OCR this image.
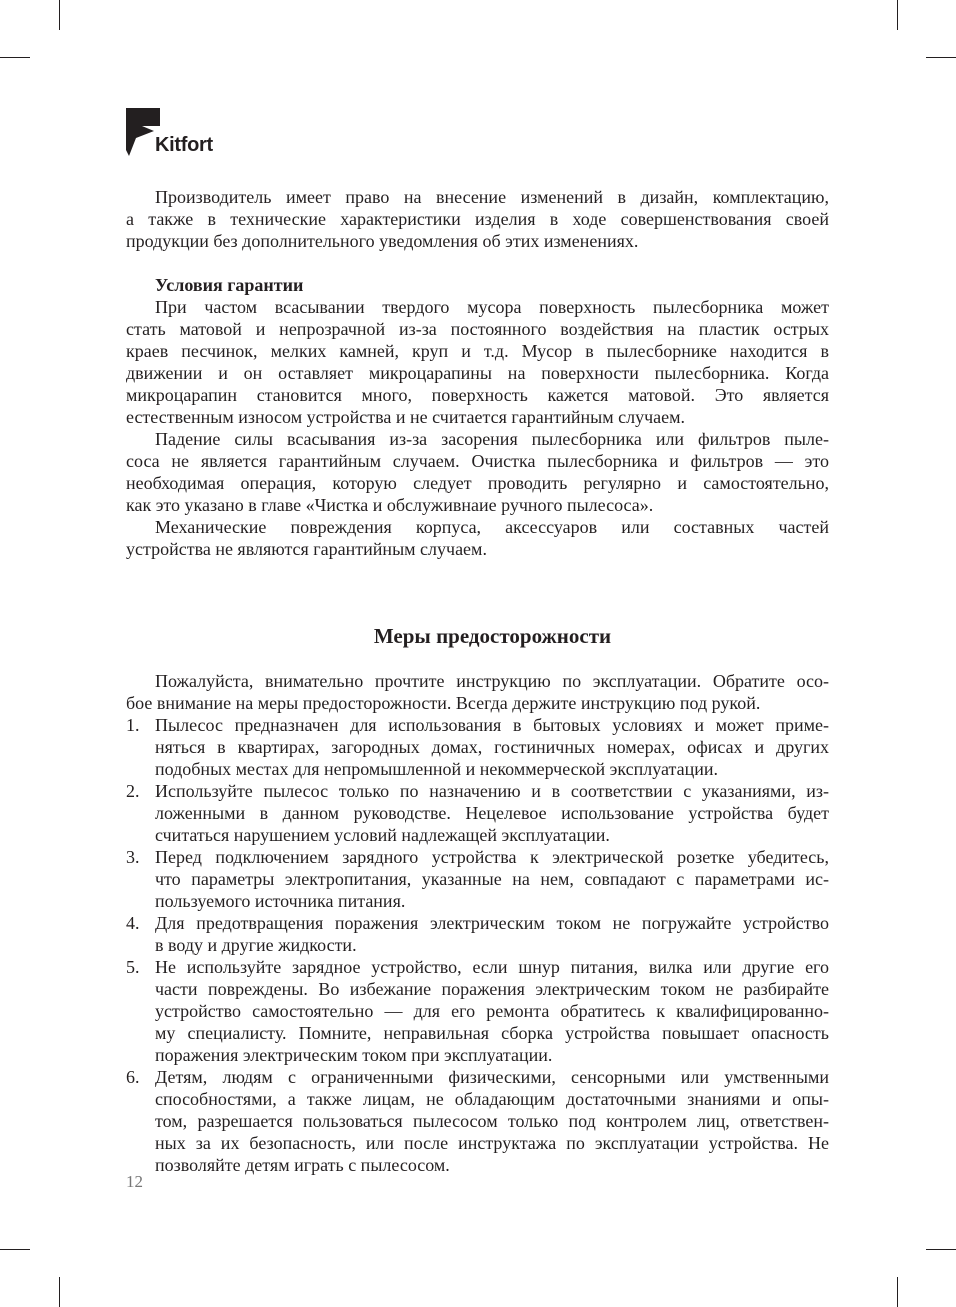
Kitfort
Производитель имеет право на внесение изменений в дизайн, комплектацию,
а также в технические характеристики изделия в ходе совершенствования своей
продукции без дополнительного уведомления об этих изменениях.
Условия гарантии
При частом всасывании твердого мусора поверхность пылесборника может
стать матовой и непрозрачной из-за постоянного воздействия на пластик острых
краев песчинок, мелких камней, круп и т.д. Мусор в пылесборнике находится в
движении и он оставляет микроцарапины на поверхности пылесборника. Когда
микроцарапин становится много, поверхность кажется матовой. Это является
естественным износом устройства и не считается гарантийным случаем.
Падение силы всасывания из-за засорения пылесборника или фильтров пыле-
соса не является гарантийным случаем. Очистка пылесборника и фильтров — это
необходимая операция, которую следует проводить регулярно и самостоятельно,
как это указано в главе «Чистка и обслуживнаие ручного пылесоса».
Механические повреждения корпуса, аксессуаров или составных частей
устройства не являются гарантийным случаем.
Меры предосторожности
Пожалуйста, внимательно прочтите инструкцию по эксплуатации. Обратите осо-
бое внимание на меры предосторожности. Всегда держите инструкцию под рукой.
1. Пылесос предназначен для использования в бытовых условиях и может приме-
няться в квартирах, загородных домах, гостиничных номерах, офисах и других
подобных местах для непромышленной и некоммерческой эксплуатации.
2. Используйте пылесос только по назначению и в соответствии с указаниями, из-
ложенными в данном руководстве. Нецелевое использование устройства будет
считаться нарушением условий надлежащей эксплуатации.
3. Перед подключением зарядного устройства к электрической розетке убедитесь,
что параметры электропитания, указанные на нем, совпадают с параметрами ис-
пользуемого источника питания.
4. Для предотвращения поражения электрическим током не погружайте устройство
в воду и другие жидкости.
5. Не используйте зарядное устройство, если шнур питания, вилка или другие его
части повреждены. Во избежание поражения электрическим током не разбирайте
устройство самостоятельно — для его ремонта обратитесь к квалифицированно-
му специалисту. Помните, неправильная сборка устройства повышает опасность
поражения электрическим током при эксплуатации.
6. Детям, людям с ограниченными физическими, сенсорными или умственными
способностями, а также лицам, не обладающим достаточными знаниями и опы-
том, разрешается пользоваться пылесосом только под контролем лиц, ответствен-
ных за их безопасность, или после инструктажа по эксплуатации устройства. Не
позволяйте детям играть с пылесосом.
12
